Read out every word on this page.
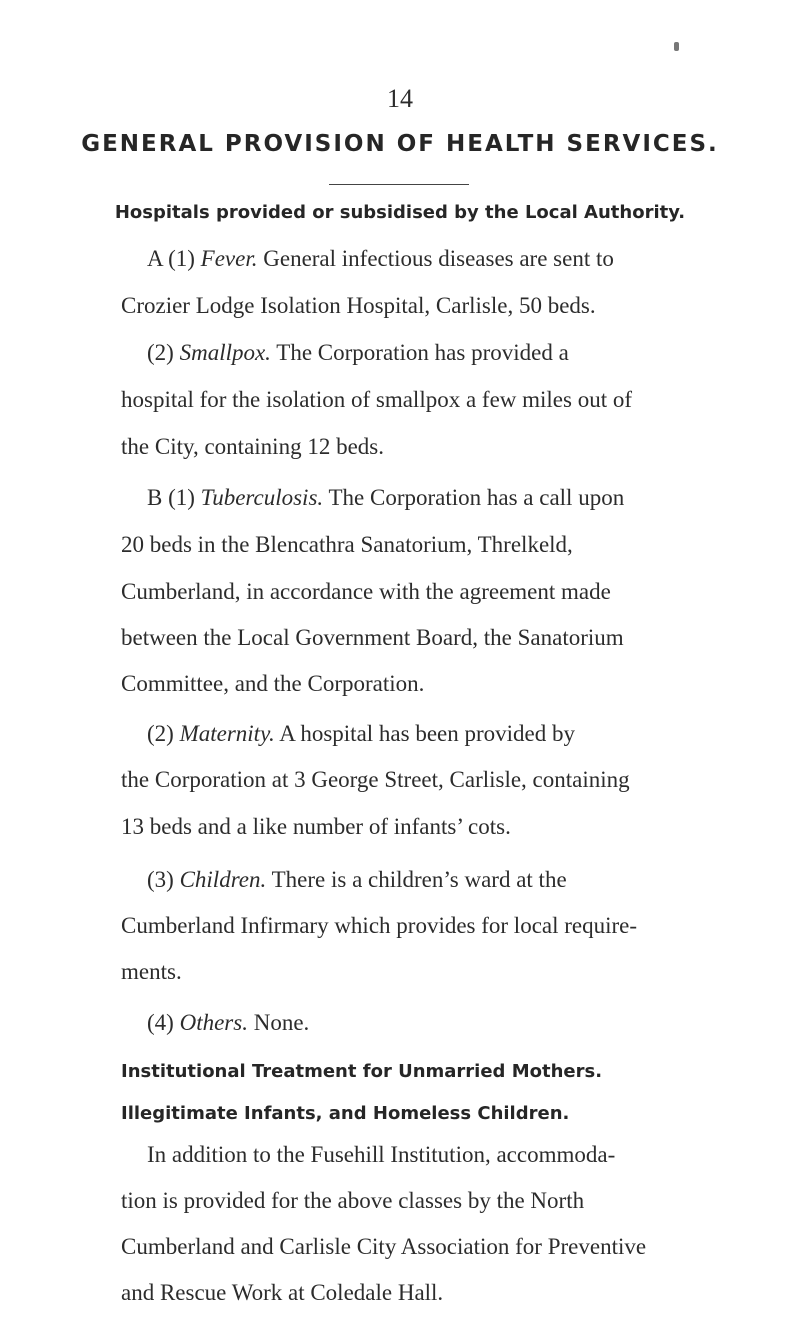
14
GENERAL PROVISION OF HEALTH SERVICES.
Hospitals provided or subsidised by the Local Authority.
A (1) Fever. General infectious diseases are sent to
Crozier Lodge Isolation Hospital, Carlisle, 50 beds.
(2) Smallpox. The Corporation has provided a
hospital for the isolation of smallpox a few miles out of
the City, containing 12 beds.
B (1) Tuberculosis. The Corporation has a call upon
20 beds in the Blencathra Sanatorium, Threlkeld,
Cumberland, in accordance with the agreement made
between the Local Government Board, the Sanatorium
Committee, and the Corporation.
(2) Maternity. A hospital has been provided by
the Corporation at 3 George Street, Carlisle, containing
13 beds and a like number of infants’ cots.
(3) Children. There is a children’s ward at the
Cumberland Infirmary which provides for local require-
ments.
(4) Others. None.
Institutional Treatment for Unmarried Mothers.
Illegitimate Infants, and Homeless Children.
In addition to the Fusehill Institution, accommoda-
tion is provided for the above classes by the North
Cumberland and Carlisle City Association for Preventive
and Rescue Work at Coledale Hall.
